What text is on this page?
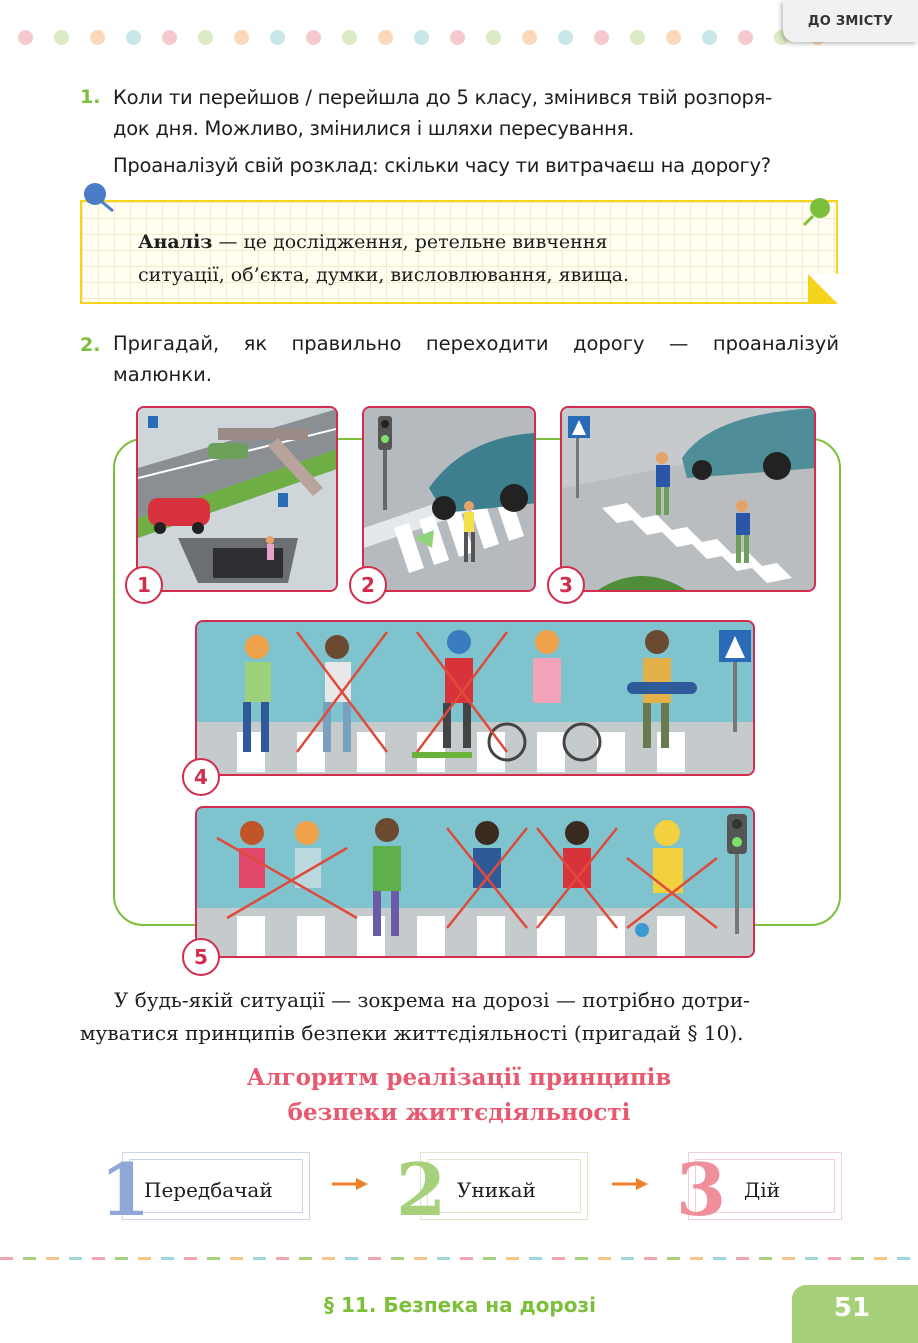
ДО ЗМІСТУ
1. Коли ти перейшов / перейшла до 5 класу, змінився твій розпоря-
док дня. Можливо, змінилися і шляхи пересування.
Проаналізуй свій розклад: скільки часу ти витрачаєш на дорогу?
Аналіз — це дослідження, ретельне вивчення
ситуації, об’єкта, думки, висловлювання, явища.
2. Пригадай, як правильно переходити дорогу — проаналізуй
малюнки.
1	2	3
4
5
У будь-якій ситуації — зокрема на дорозі — потрібно дотри-
муватися принципів безпеки життєдіяльності (пригадай § 10).
Алгоритм реалізації принципів
безпеки життєдіяльності
1
Передбачай 2 Уникай 3 Дій
§ 11. Безпека на дорозі	51
